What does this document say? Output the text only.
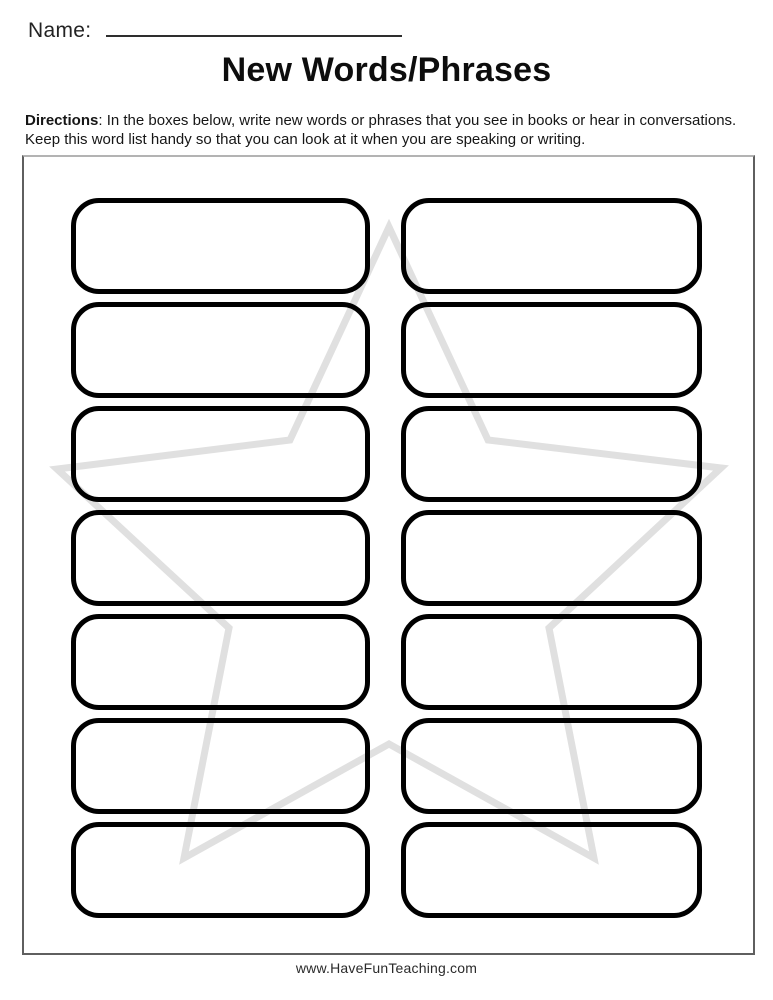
Name:
New Words/Phrases

Directions: In the boxes below, write new words or phrases that you see in books or hear in conversations.
Keep this word list handy so that you can look at it when you are speaking or writing.

www.HaveFunTeaching.com
